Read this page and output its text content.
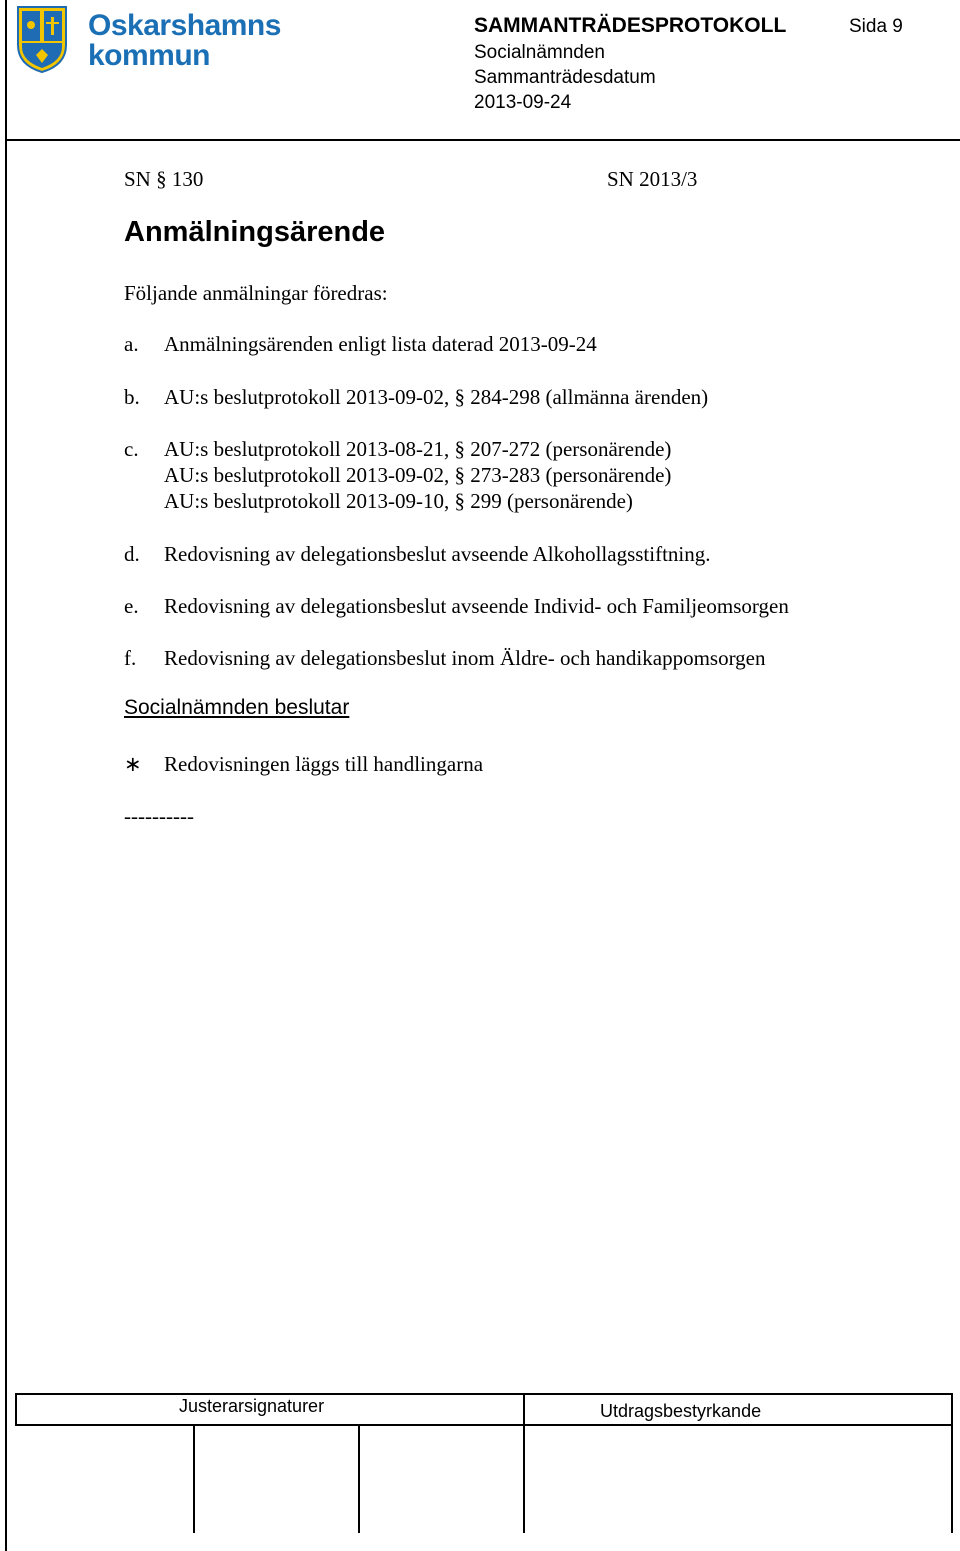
Oskarshamns
kommun
SAMMANTRÄDESPROTOKOLL	Sida 9
Socialnämnden
Sammanträdesdatum
2013-09-24
SN § 130	SN 2013/3
Anmälningsärende
Följande anmälningar föredras:
a. Anmälningsärenden enligt lista daterad 2013-09-24
b. AU:s beslutprotokoll 2013-09-02, § 284-298 (allmänna ärenden)
c. AU:s beslutprotokoll 2013-08-21, § 207-272 (personärende)
AU:s beslutprotokoll 2013-09-02, § 273-283 (personärende)
AU:s beslutprotokoll 2013-09-10, § 299 (personärende)
d. Redovisning av delegationsbeslut avseende Alkohollagsstiftning.
e. Redovisning av delegationsbeslut avseende Individ- och Familjeomsorgen
f. Redovisning av delegationsbeslut inom Äldre- och handikappomsorgen
Socialnämnden beslutar
∗ Redovisningen läggs till handlingarna
----------
Justerarsignaturer	Utdragsbestyrkande
